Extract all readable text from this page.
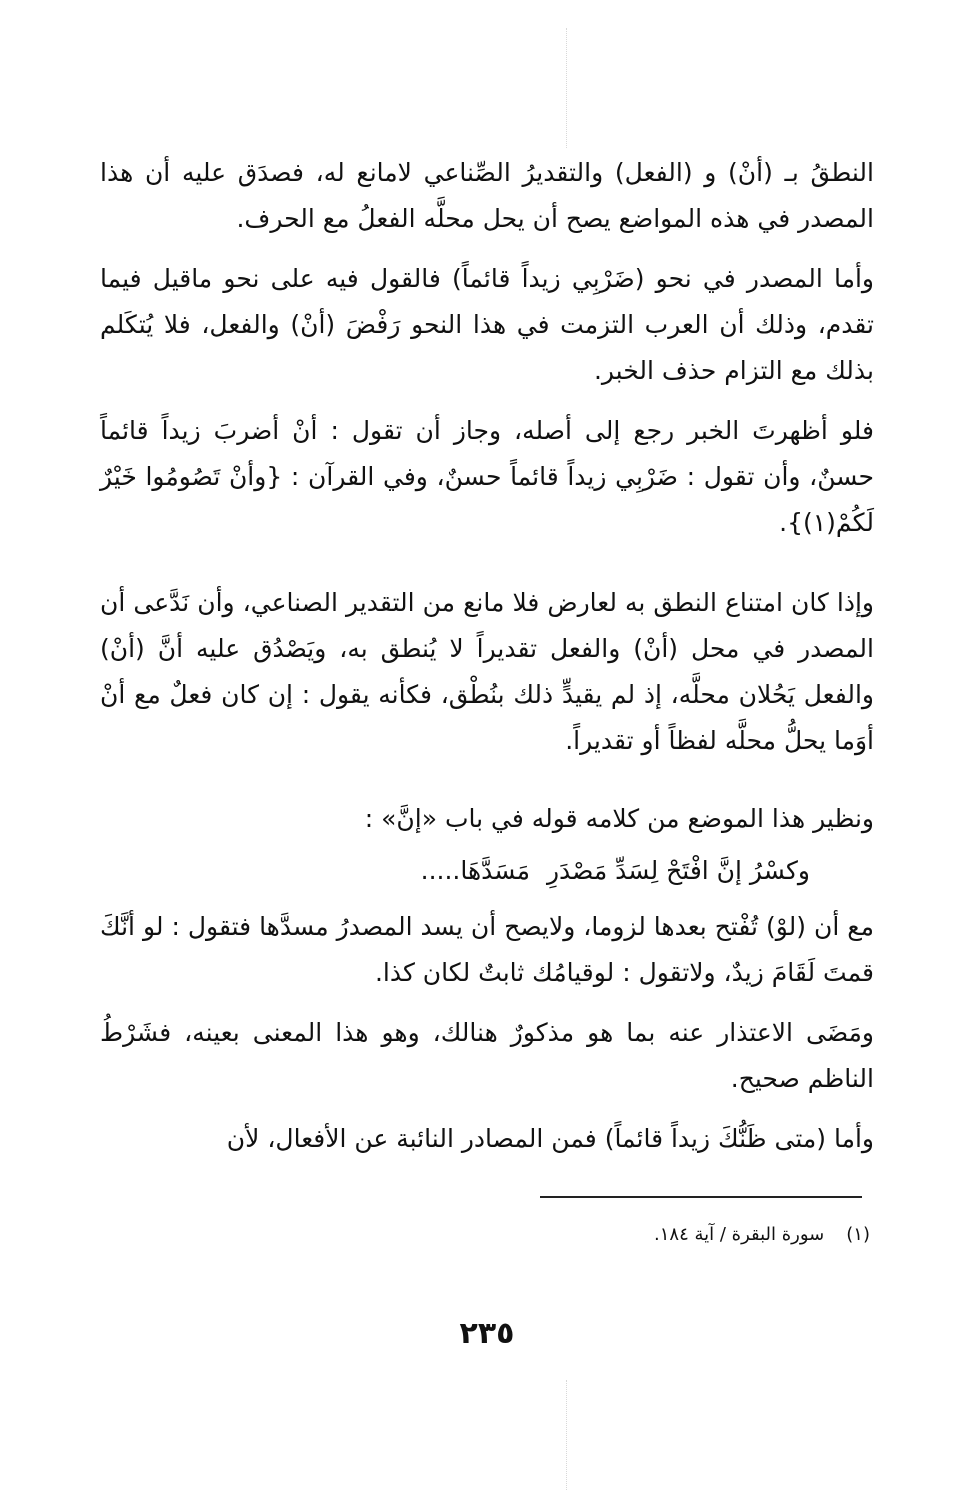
النطقُ بـ (أنْ) و (الفعل) والتقديرُ الصِّناعي لامانع له، فصدَق عليه أن هذا المصدر في هذه المواضع يصح أن يحل محلَّه الفعلُ مع الحرف.

وأما المصدر في نحو (ضَرْبِي زيداً قائماً) فالقول فيه على نحو ماقيل فيما تقدم، وذلك أن العرب التزمت في هذا النحو رَفْضَ (أنْ) والفعل، فلا يُتكَلم بذلك مع التزام حذف الخبر.

فلو أظهرتَ الخبر رجع إلى أصله، وجاز أن تقول : أنْ أضربَ زيداً قائماً حسنٌ، وأن تقول : ضَرْبِي زيداً قائماً حسنٌ، وفي القرآن : {وأنْ تَصُومُوا خَيْرٌ لَكُمْ(١)}.

وإذا كان امتناع النطق به لعارض فلا مانع من التقدير الصناعي، وأن نَدَّعى أن المصدر في محل (أنْ) والفعل تقديراً لا يُنطق به، ويَصْدُق عليه أنَّ (أنْ) والفعل يَحُلان محلَّه، إذ لم يقيدٍّ ذلك بنُطْق، فكأنه يقول : إن كان فعلٌ مع أنْ أوَما يحلُّ محلَّه لفظاً أو تقديراً.

ونظير هذا الموضع من كلامه قوله في باب «إنَّ» :

وكسْرُ إنَّ افْتَحْ لِسَدِّ مَصْدَرِمَسَدَّهَا.....

مع أن (لوْ) تُفْتح بعدها لزوما، ولايصح أن يسد المصدرُ مسدَّها فتقول : لو أنَّكَ قمتَ لَقَامَ زيدٌ، ولاتقول : لوقيامُك ثابتٌ لكان كذا.

ومَضَى الاعتذار عنه بما هو مذكورٌ هنالك، وهو هذا المعنى بعينه، فشَرْطُ الناظم صحيح.

وأما (متى ظَنُّكَ زيداً قائماً) فمن المصادر النائبة عن الأفعال، لأن

(١)سورة البقرة / آية ١٨٤.
٢٣٥
